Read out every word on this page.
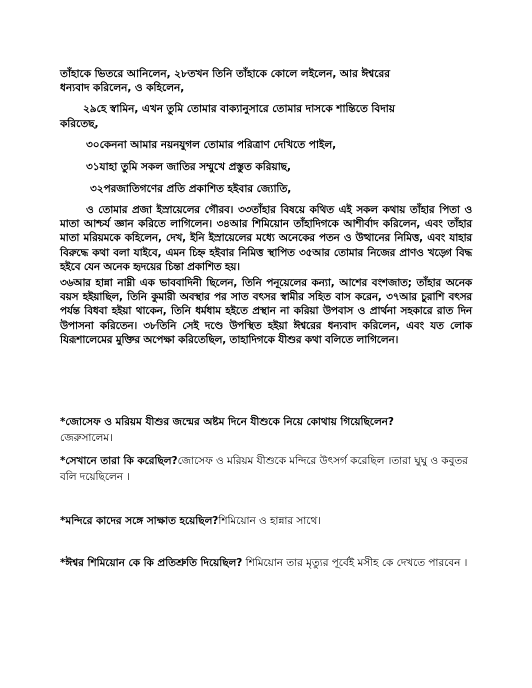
তাঁহাকে ভিতরে আনিলেন, ২৮তখন তিনি তাঁহাকে কোলে লইলেন, আর ঈশ্বরের
ধন্যবাদ করিলেন, ও কহিলেন,
২৯হে স্বামিন, এখন তুমি তোমার বাক্যানুসারে তোমার দাসকে শান্তিতে বিদায়
করিতেছ,
৩০কেননা আমার নয়নযুগল তোমার পরিত্রাণ দেখিতে পাইল,
৩১যাহা তুমি সকল জাতির সম্মুখে প্রস্তুত করিয়াছ,
৩২পরজাতিগণের প্রতি প্রকাশিত হইবার জ্যোতি,
ও তোমার প্রজা ইস্রায়েলের গৌরব। ৩৩তাঁহার বিষয়ে কথিত এই সকল কথায় তাঁহার পিতা ও মাতা আশ্চর্য জ্ঞান করিতে লাগিলেন। ৩৪আর শিমিয়োন তাঁহাদিগকে আশীর্বাদ করিলেন, এবং তাঁহার মাতা মরিয়মকে কহিলেন, দেখ, ইনি ইস্রায়েলের মধ্যে অনেকের পতন ও উত্থানের নিমিত্ত, এবং যাহার বিরুদ্ধে কথা বলা যাইবে, এমন চিহ্ন হইবার নিমিত্ত স্থাপিত ৩৫আর তোমার নিজের প্রাণও খড়্গে বিদ্ধ হইবে যেন অনেক হৃদয়ের চিন্তা প্রকাশিত হয়।
৩৬আর হান্না নাম্নী এক ভাববাদিনী ছিলেন, তিনি পনূয়েলের কন্যা, আশের বংশজাত; তাঁহার অনেক বয়স হইয়াছিল, তিনি কুমারী অবস্থার পর সাত বৎসর স্বামীর সহিত বাস করেন, ৩৭আর চুরাশি বৎসর পর্যন্ত বিধবা হইয়া থাকেন, তিনি ধর্মধাম হইতে প্রস্থান না করিয়া উপবাস ও প্রার্থনা সহকারে রাত দিন উপাসনা করিতেন। ৩৮তিনি সেই দণ্ডে উপস্থিত হইয়া ঈশ্বরের ধন্যবাদ করিলেন, এবং যত লোক যিরূশালেমের মুক্তির অপেক্ষা করিতেছিল, তাহাদিগকে যীশুর কথা বলিতে লাগিলেন।
*জোসেফ ও মরিয়ম যীশুর জন্মের অষ্টম দিনে যীশুকে নিয়ে কোথায় গিয়েছিলেন?
জেরুসালেম।
*সেখানে তারা কি করেছিল?জোসেফ ও মরিয়ম যীশুকে মন্দিরে উৎসর্গ করেছিল ।তারা ঘুঘু ও কবুতর বলি দয়েছিলেন ।
*মন্দিরে কাদের সঙ্গে সাক্ষাত হয়েছিল?শিমিয়োন ও হান্নার সাথে।
*ঈশ্বর শিমিয়োন কে কি প্রতিশ্রুতি দিয়েছিল? শিমিয়োন তার মৃত্যুর পূর্বেই মসীহ কে দেখতে পারবেন ।
